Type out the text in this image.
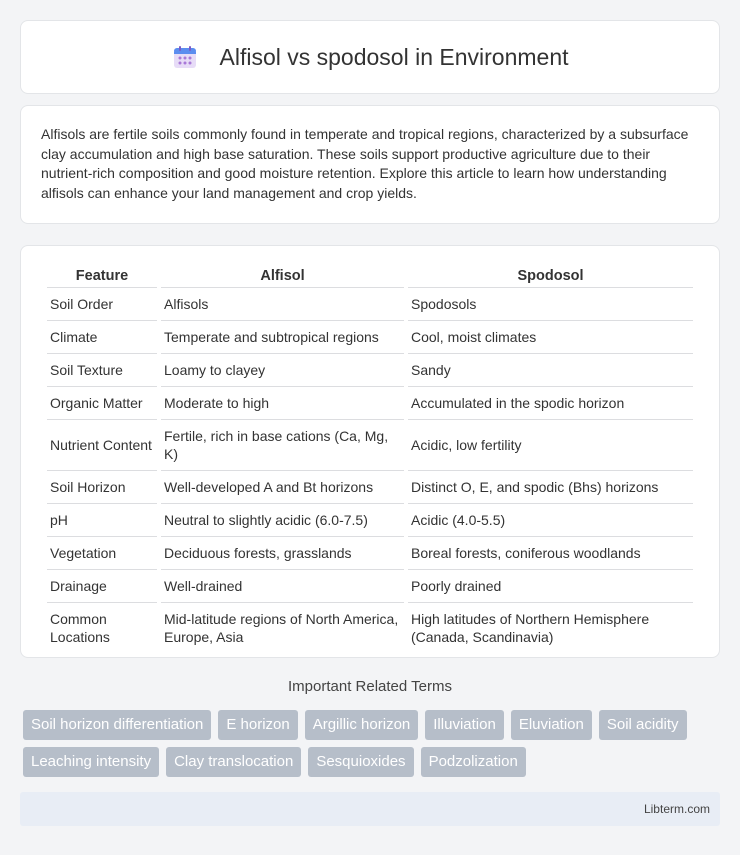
Alfisol vs spodosol in Environment

Alfisols are fertile soils commonly found in temperate and tropical regions, characterized by a subsurface clay accumulation and high base saturation. These soils support productive agriculture due to their nutrient-rich composition and good moisture retention. Explore this article to learn how understanding alfisols can enhance your land management and crop yields.

Feature	Alfisol	Spodosol
Soil Order	Alfisols	Spodosols
Climate	Temperate and subtropical regions	Cool, moist climates
Soil Texture	Loamy to clayey	Sandy
Organic Matter	Moderate to high	Accumulated in the spodic horizon
Nutrient Content	Fertile, rich in base cations (Ca, Mg, K)	Acidic, low fertility
Soil Horizon	Well-developed A and Bt horizons	Distinct O, E, and spodic (Bhs) horizons
pH	Neutral to slightly acidic (6.0-7.5)	Acidic (4.0-5.5)
Vegetation	Deciduous forests, grasslands	Boreal forests, coniferous woodlands
Drainage	Well-drained	Poorly drained
Common Locations	Mid-latitude regions of North America, Europe, Asia	High latitudes of Northern Hemisphere (Canada, Scandinavia)
Important Related Terms
Soil horizon differentiation	E horizon	Argillic horizon	Illuviation	Eluviation	Soil acidity
Leaching intensity	Clay translocation	Sesquioxides	Podzolization
Libterm.com
